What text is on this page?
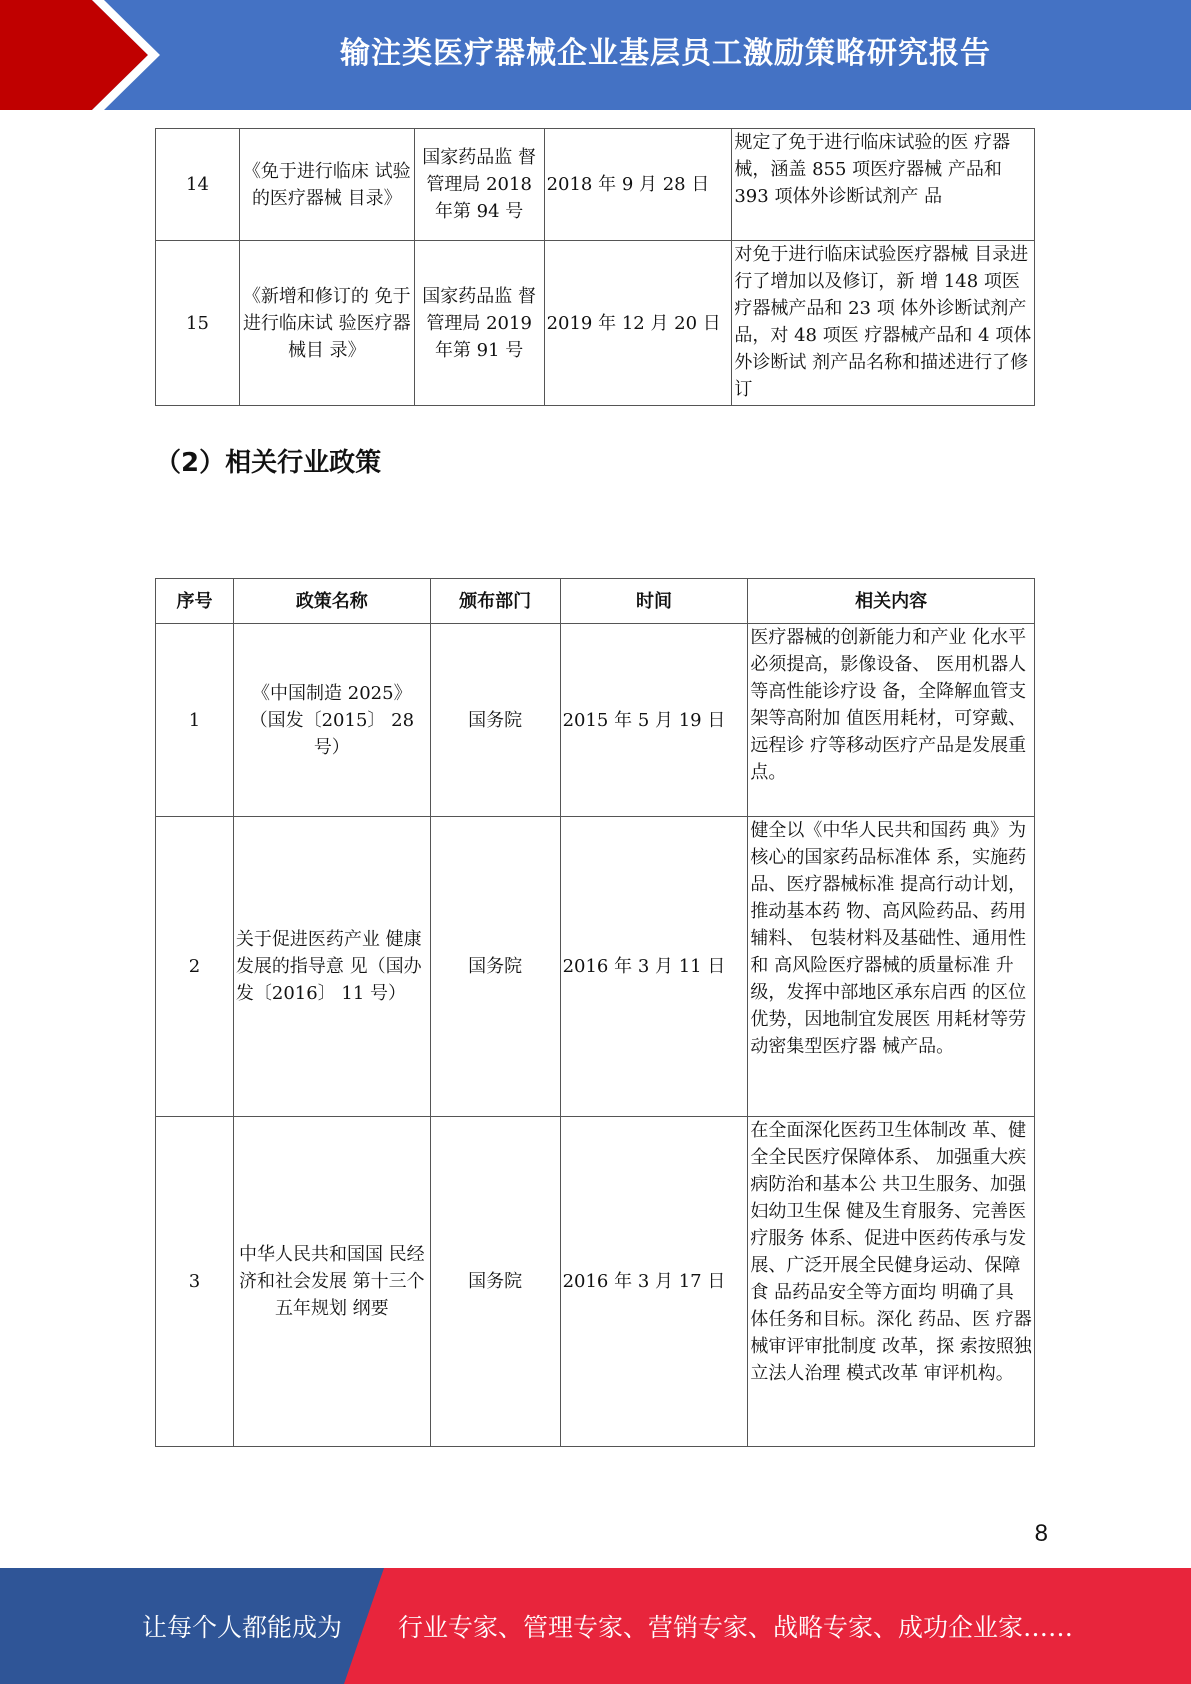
输注类医疗器械企业基层员工激励策略研究报告
14	《免于进行临床 试验的医疗器械 目录》	国家药品监 督管理局 2018 年第 94 号	2018 年 9 月 28 日	规定了免于进行临床试验的医 疗器械，涵盖 855 项医疗器械 产品和 393 项体外诊断试剂产 品
15	《新增和修订的 免于进行临床试 验医疗器械目 录》	国家药品监 督管理局 2019 年第 91 号	2019 年 12 月 20 日	对免于进行临床试验医疗器械 目录进行了增加以及修订，新 增 148 项医疗器械产品和 23 项 体外诊断试剂产品，对 48 项医 疗器械产品和 4 项体外诊断试 剂产品名称和描述进行了修订
（2）相关行业政策
序号	政策名称	颁布部门	时间	相关内容
1	《中国制造 2025》 （国发〔2015〕 28 号）	国务院	2015 年 5 月 19 日	医疗器械的创新能力和产业 化水平必须提高，影像设备、 医用机器人等高性能诊疗设 备，全降解血管支架等高附加 值医用耗材，可穿戴、远程诊 疗等移动医疗产品是发展重 点。
2	关于促进医药产业 健康发展的指导意 见（国办发〔2016〕 11 号）	国务院	2016 年 3 月 11 日	健全以《中华人民共和国药 典》为核心的国家药品标准体 系，实施药品、医疗器械标准 提高行动计划，推动基本药 物、高风险药品、药用辅料、 包装材料及基础性、通用性和 高风险医疗器械的质量标准 升级，发挥中部地区承东启西 的区位优势，因地制宜发展医 用耗材等劳动密集型医疗器 械产品。
3	中华人民共和国国 民经济和社会发展 第十三个五年规划 纲要	国务院	2016 年 3 月 17 日	在全面深化医药卫生体制改 革、健全全民医疗保障体系、 加强重大疾病防治和基本公 共卫生服务、加强妇幼卫生保 健及生育服务、完善医疗服务 体系、促进中医药传承与发 展、广泛开展全民健身运动、保障食 品药品安全等方面均 明确了具 体任务和目标。深化 药品、医 疗器械审评审批制度 改革，探 索按照独立法人治理 模式改革 审评机构。
8
让每个人都能成为 行业专家、管理专家、营销专家、战略专家、成功企业家……
